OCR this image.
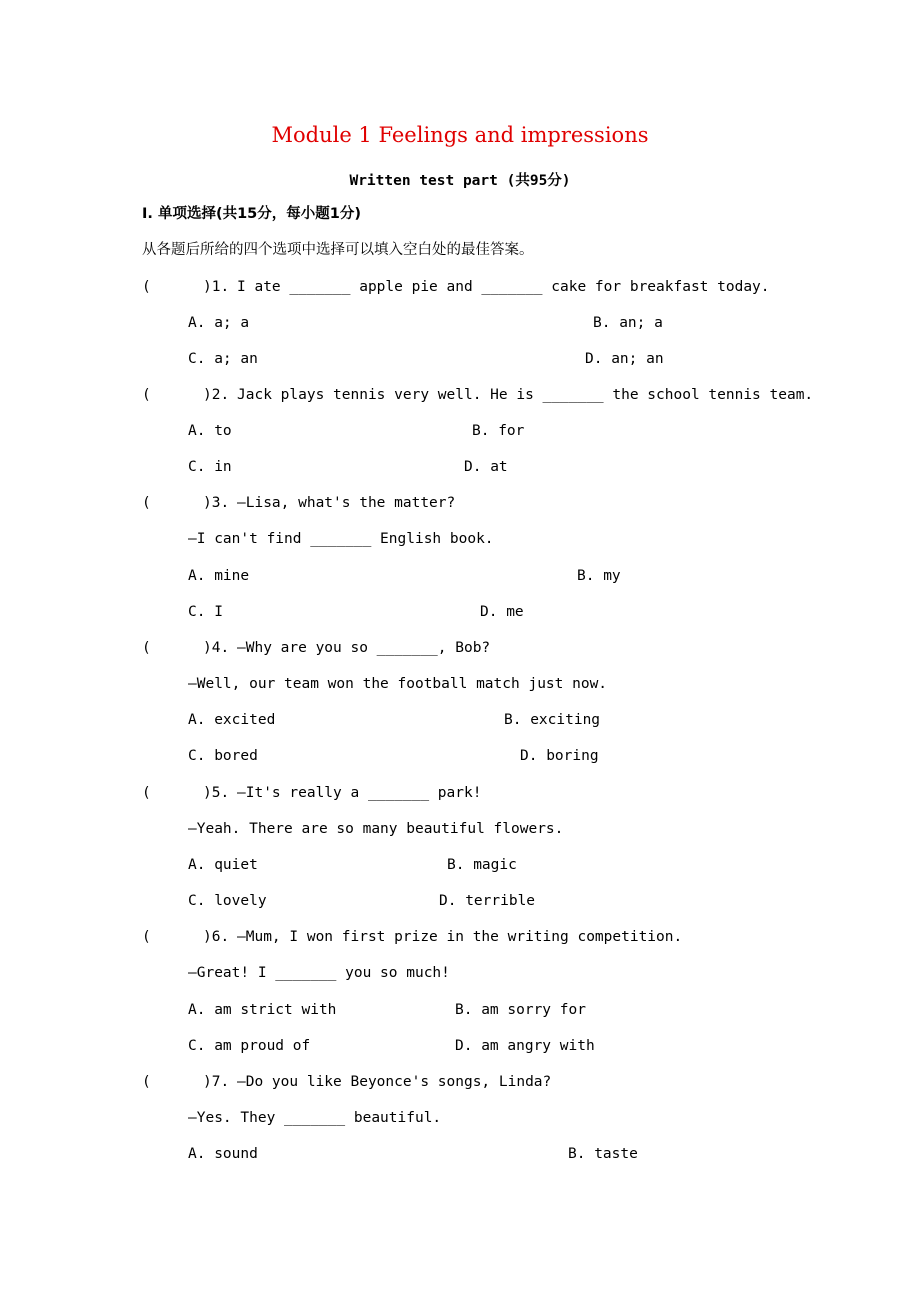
Module 1 Feelings and impressions
Written test part (共95分)
Ⅰ. 单项选择(共15分，每小题1分)
从各题后所给的四个选项中选择可以填入空白处的最佳答案。
(	)1. I ate _______ apple pie and _______ cake for breakfast today.
A. a; a	B. an; a
C. a; an	D. an; an
(	)2. Jack plays tennis very well. He is _______ the school tennis team.
A. to	B. for
C. in	D. at
(	)3. —Lisa, what's the matter?
—I can't find _______ English book.
A. mine	B. my
C. I	D. me
(	)4. —Why are you so _______, Bob?
—Well, our team won the football match just now.
A. excited	B. exciting
C. bored	D. boring
(	)5. —It's really a _______ park!
—Yeah. There are so many beautiful flowers.
A. quiet	B. magic
C. lovely	D. terrible
(	)6. —Mum, I won first prize in the writing competition.
—Great! I _______ you so much!
A. am strict with	B. am sorry for
C. am proud of	D. am angry with
(	)7. —Do you like Beyonce's songs, Linda?
—Yes. They _______ beautiful.
A. sound	B. taste
